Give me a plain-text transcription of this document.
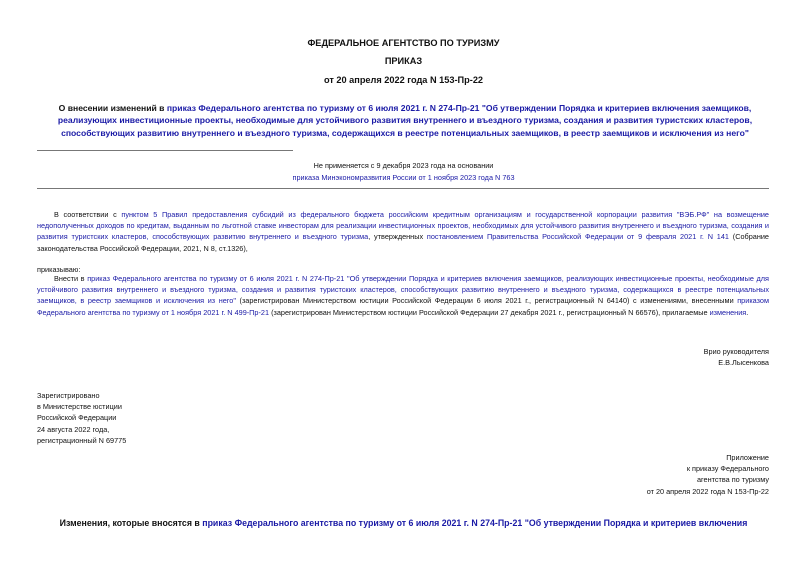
ФЕДЕРАЛЬНОЕ АГЕНТСТВО ПО ТУРИЗМУ
ПРИКАЗ
от 20 апреля 2022 года N 153-Пр-22
О внесении изменений в приказ Федерального агентства по туризму от 6 июля 2021 г. N 274-Пр-21 "Об утверждении Порядка и критериев включения заемщиков, реализующих инвестиционные проекты, необходимые для устойчивого развития внутреннего и въездного туризма, создания и развития туристских кластеров, способствующих развитию внутреннего и въездного туризма, содержащихся в реестре потенциальных заемщиков, в реестр заемщиков и исключения из него"
Не применяется с 9 декабря 2023 года на основании
приказа Минэкономразвития России от 1 ноября 2023 года N 763
В соответствии с пунктом 5 Правил предоставления субсидий из федерального бюджета российским кредитным организациям и государственной корпорации развития "ВЭБ.РФ" на возмещение недополученных доходов по кредитам, выданным по льготной ставке инвесторам для реализации инвестиционных проектов, необходимых для устойчивого развития внутреннего и въездного туризма, создания и развития туристских кластеров, способствующих развитию внутреннего и въездного туризма, утвержденных постановлением Правительства Российской Федерации от 9 февраля 2021 г. N 141 (Собрание законодательства Российской Федерации, 2021, N 8, ст.1326),
приказываю:
Внести в приказ Федерального агентства по туризму от 6 июля 2021 г. N 274-Пр-21 "Об утверждении Порядка и критериев включения заемщиков, реализующих инвестиционные проекты, необходимые для устойчивого развития внутреннего и въездного туризма, создания и развития туристских кластеров, способствующих развитию внутреннего и въездного туризма, содержащихся в реестре потенциальных заемщиков, в реестр заемщиков и исключения из него" (зарегистрирован Министерством юстиции Российской Федерации 6 июля 2021 г., регистрационный N 64140) с изменениями, внесенными приказом Федерального агентства по туризму от 1 ноября 2021 г. N 499-Пр-21 (зарегистрирован Министерством юстиции Российской Федерации 27 декабря 2021 г., регистрационный N 66576), прилагаемые изменения.
Врио руководителя
Е.В.Лысенкова
Зарегистрировано
в Министерстве юстиции
Российской Федерации
24 августа 2022 года,
регистрационный N 69775
Приложение
к приказу Федерального
агентства по туризму
от 20 апреля 2022 года N 153-Пр-22
Изменения, которые вносятся в приказ Федерального агентства по туризму от 6 июля 2021 г. N 274-Пр-21 "Об утверждении Порядка и критериев включения
